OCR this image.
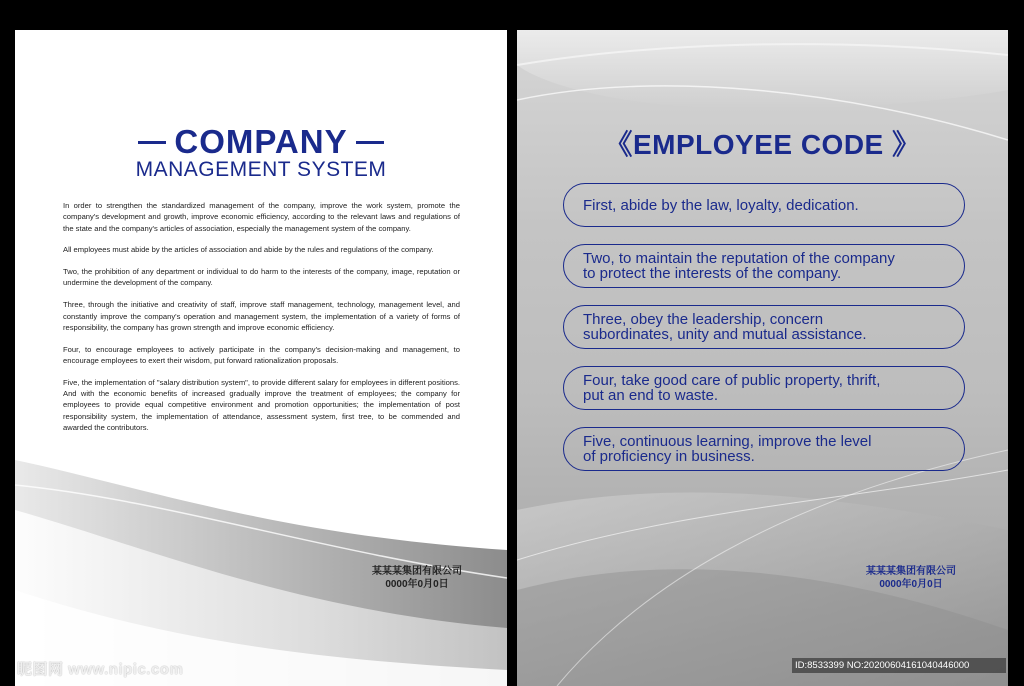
COMPANY
MANAGEMENT SYSTEM

In order to strengthen the standardized management of the company, improve the work system, promote the company's development and growth, improve economic efficiency, according to the relevant laws and regulations of the state and the company's articles of association, especially the management system of the company.

All employees must abide by the articles of association and abide by the rules and regulations of the company.

Two, the prohibition of any department or individual to do harm to the interests of the company, image, reputation or undermine the development of the company.

Three, through the initiative and creativity of staff, improve staff management, technology, management level, and constantly improve the company's operation and management system, the implementation of a variety of forms of responsibility, the company has grown strength and improve economic efficiency.

Four, to encourage employees to actively participate in the company's decision-making and management, to encourage employees to exert their wisdom, put forward rationalization proposals.

Five, the implementation of "salary distribution system", to provide different salary for employees in different positions. And with the economic benefits of increased gradually improve the treatment of employees; the company for employees to provide equal competitive environment and promotion opportunities; the implementation of post responsibility system, the implementation of attendance, assessment system, first tree, to be commended and awarded the contributors.

某某某集团有限公司
0000年0月0日
昵图网 www.nipic.com
《EMPLOYEE CODE 》
First, abide by the law, loyalty, dedication.
Two, to maintain the reputation of the company
to protect the interests of the company.
Three, obey the leadership, concern
subordinates, unity and mutual assistance.
Four, take good care of public property, thrift,
put an end to waste.
Five, continuous learning, improve the level
of proficiency in business.
某某某集团有限公司
0000年0月0日
ID:8533399 NO:20200604161040446000
